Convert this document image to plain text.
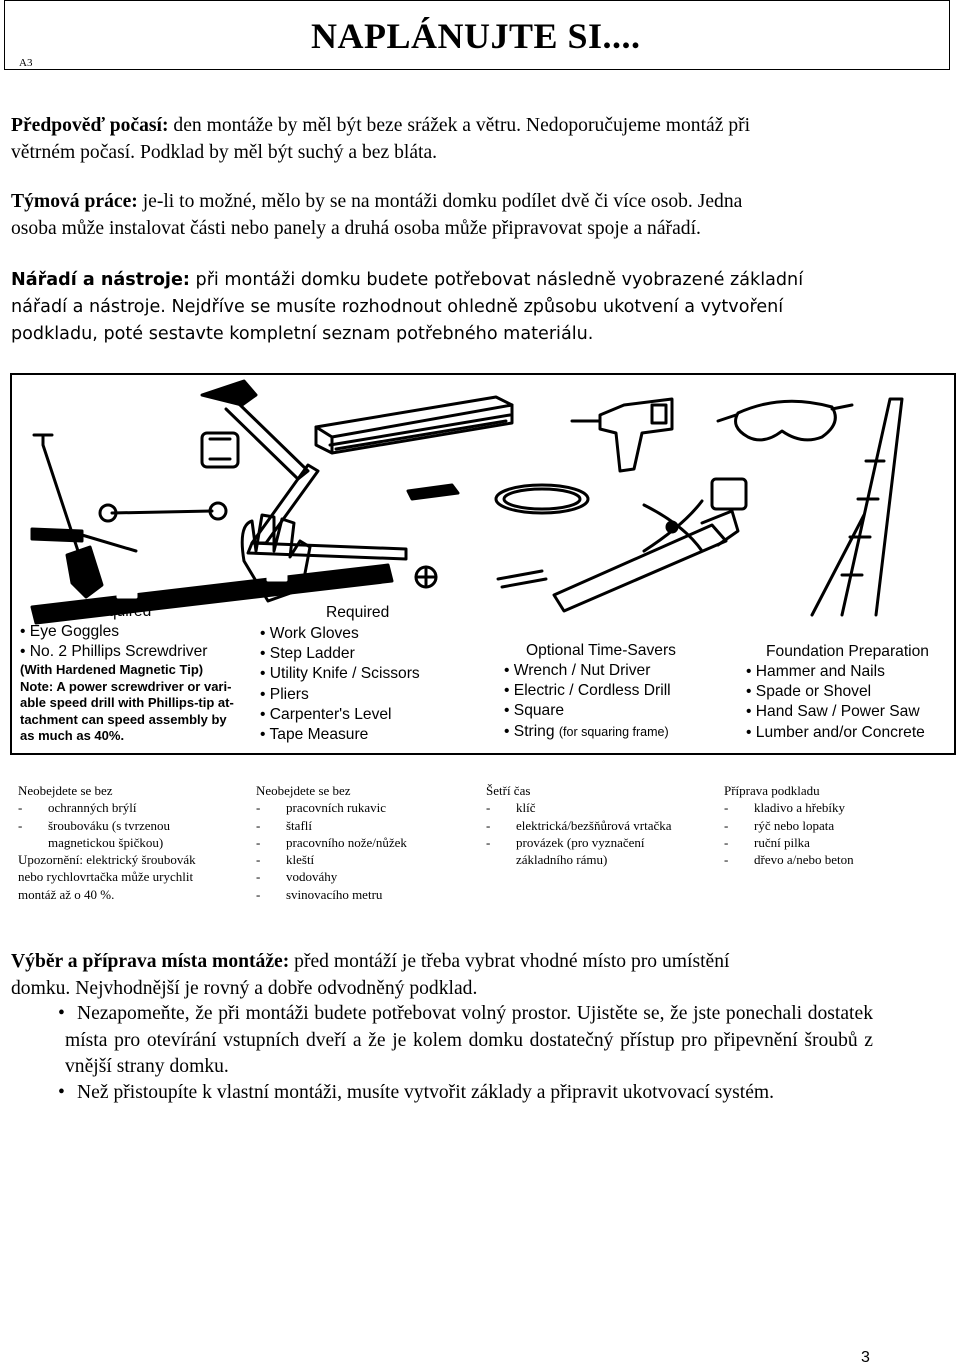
A3
NAPLÁNUJTE SI....

Předpověď počasí: den montáže by měl být beze srážek a větru. Nedoporučujeme montáž při
větrném počasí. Podklad by měl být suchý a bez bláta.

Týmová práce: je-li to možné, mělo by se na montáži domku podílet dvě či více osob. Jedna
osoba může instalovat části nebo panely a druhá osoba může připravovat spoje a nářadí.

Nářadí a nástroje: při montáži domku budete potřebovat následně vyobrazené základní
nářadí a nástroje. Nejdříve se musíte rozhodnout ohledně způsobu ukotvení a vytvoření
podkladu, poté sestavte kompletní seznam potřebného materiálu.

Required
• Eye Goggles
• No. 2 Phillips Screwdriver
(With Hardened Magnetic Tip)
Note: A power screwdriver or vari-
able speed drill with Phillips-tip at-
tachment can speed assembly by
as much as 40%.
Required
• Work Gloves
• Step Ladder
• Utility Knife / Scissors
• Pliers
• Carpenter's Level
• Tape Measure
Optional Time-Savers
• Wrench / Nut Driver
• Electric / Cordless Drill
• Square
• String (for squaring frame)
Foundation Preparation
• Hammer and Nails
• Spade or Shovel
• Hand Saw / Power Saw
• Lumber and/or Concrete
Neobejdete se bez
- ochranných brýlí
- šroubováku (s tvrzenou
magnetickou špičkou)
Upozornění: elektrický šroubovák
nebo rychlovrtačka může urychlit
montáž až o 40 %.
Neobejdete se bez
- pracovních rukavic
- štaflí
- pracovního nože/nůžek
- kleští
- vodováhy
- svinovacího metru
Šetří čas
- klíč
- elektrická/bezšňůrová vrtačka
- provázek (pro vyznačení
základního rámu)
Příprava podkladu
- kladivo a hřebíky
- rýč nebo lopata
- ruční pilka
- dřevo a/nebo beton
Výběr a příprava místa montáže: před montáží je třeba vybrat vhodné místo pro umístění
domku. Nejvhodnější je rovný a dobře odvodněný podklad.
• Nezapomeňte, že při montáži budete potřebovat volný prostor. Ujistěte se, že jste ponechali dostatek místa pro otevírání vstupních dveří a že je kolem domku dostatečný přístup pro připevnění šroubů z vnější strany domku.
• Než přistoupíte k vlastní montáži, musíte vytvořit základy a připravit ukotvovací systém.
3
